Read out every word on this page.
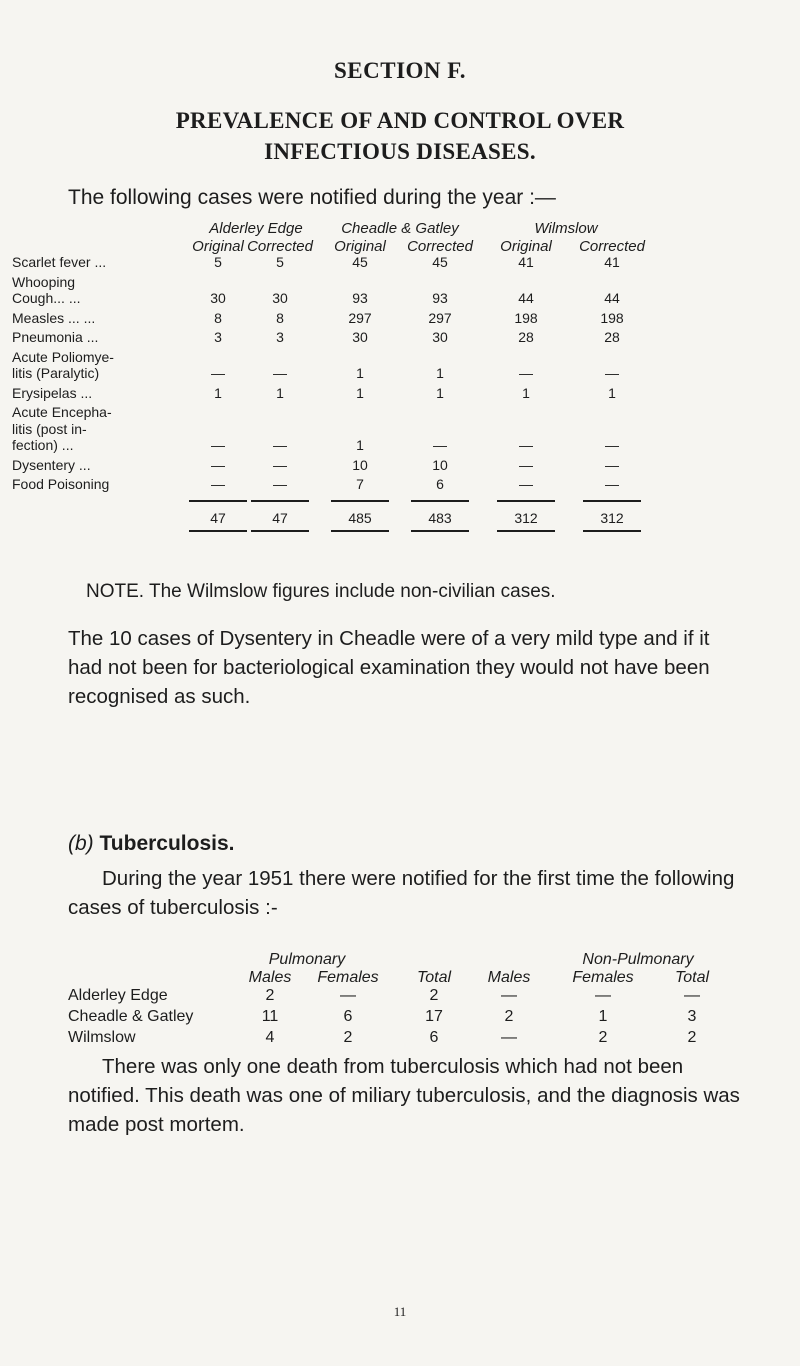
SECTION F.
PREVALENCE OF AND CONTROL OVER
INFECTIOUS DISEASES.
The following cases were notified during the year :—
Alderley Edge	Cheadle & Gatley	Wilmslow
Original Corrected	Original	Corrected	Original	Corrected
Scarlet fever ...	5	5	45	45	41	41
Whooping
Cough... ...	30	30	93	93	44	44
Measles ... ...	8	8	297	297	198	198
Pneumonia ...	3	3	30	30	28	28
Acute Poliomye-
litis (Paralytic)	—	—	1	1	—	—
Erysipelas ...	1	1	1	1	1	1
Acute Encepha-
litis (post in-
fection) ...	—	—	1	—	—	—
Dysentery ...	—	—	10	10	—	—
Food Poisoning	—	—	7	6	—	—
47	47	485	483	312	312
NOTE. The Wilmslow figures include non-civilian cases.
The 10 cases of Dysentery in Cheadle were of a very mild type and if it had not been for bacteriological examination they would not have been recognised as such.
(b) Tuberculosis.
During the year 1951 there were notified for the first time the following cases of tuberculosis :-
Pulmonary	Non-Pulmonary
Males	Females	Total	Males	Females	Total
Alderley Edge	2	—	2	—	—	—
Cheadle & Gatley	11	6	17	2	1	3
Wilmslow	4	2	6	—	2	2
There was only one death from tuberculosis which had not been notified. This death was one of miliary tuberculosis, and the diagnosis was made post mortem.
11
